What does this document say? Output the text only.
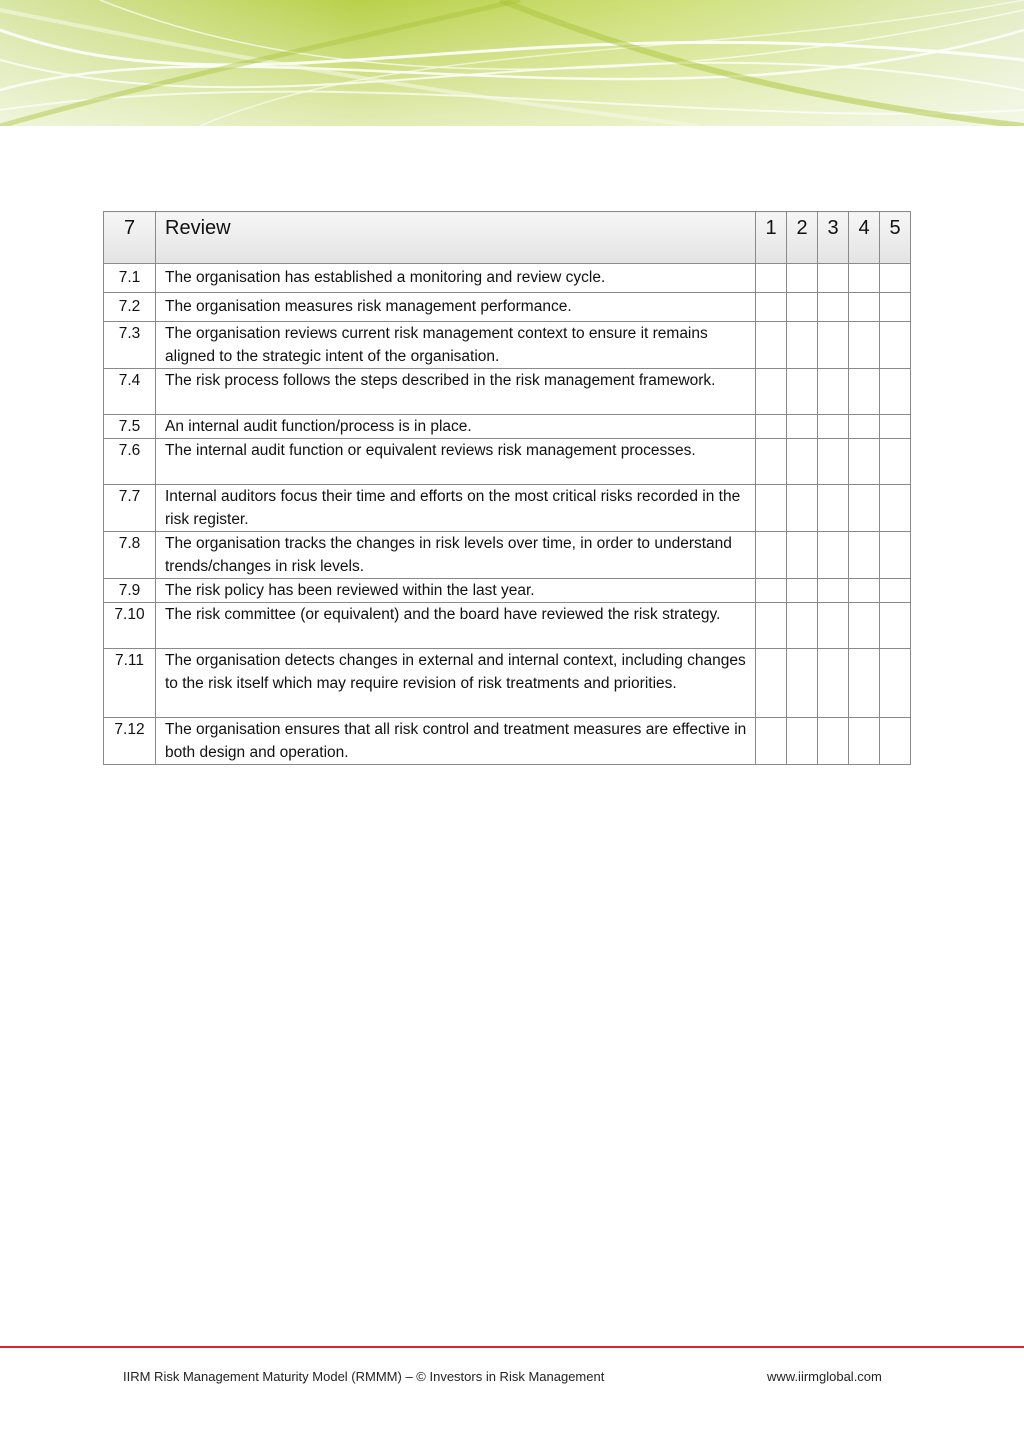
7	Review	1	2	3	4	5
7.1	The organisation has established a monitoring and review cycle.					
7.2	The organisation measures risk management performance.					
7.3	The organisation reviews current risk management context to ensure it remains aligned to the strategic intent of the organisation.					
7.4	The risk process follows the steps described in the risk management framework.					
7.5	An internal audit function/process is in place.					
7.6	The internal audit function or equivalent reviews risk management processes.					
7.7	Internal auditors focus their time and efforts on the most critical risks recorded in the risk register.					
7.8	The organisation tracks the changes in risk levels over time, in order to understand trends/changes in risk levels.					
7.9	The risk policy has been reviewed within the last year.					
7.10	The risk committee (or equivalent) and the board have reviewed the risk strategy.					
7.11	The organisation detects changes in external and internal context, including changes to the risk itself which may require revision of risk treatments and priorities.					
7.12	The organisation ensures that all risk control and treatment measures are effective in both design and operation.					
IIRM Risk Management Maturity Model (RMMM) – © Investors in Risk Management	www.iirmglobal.com
